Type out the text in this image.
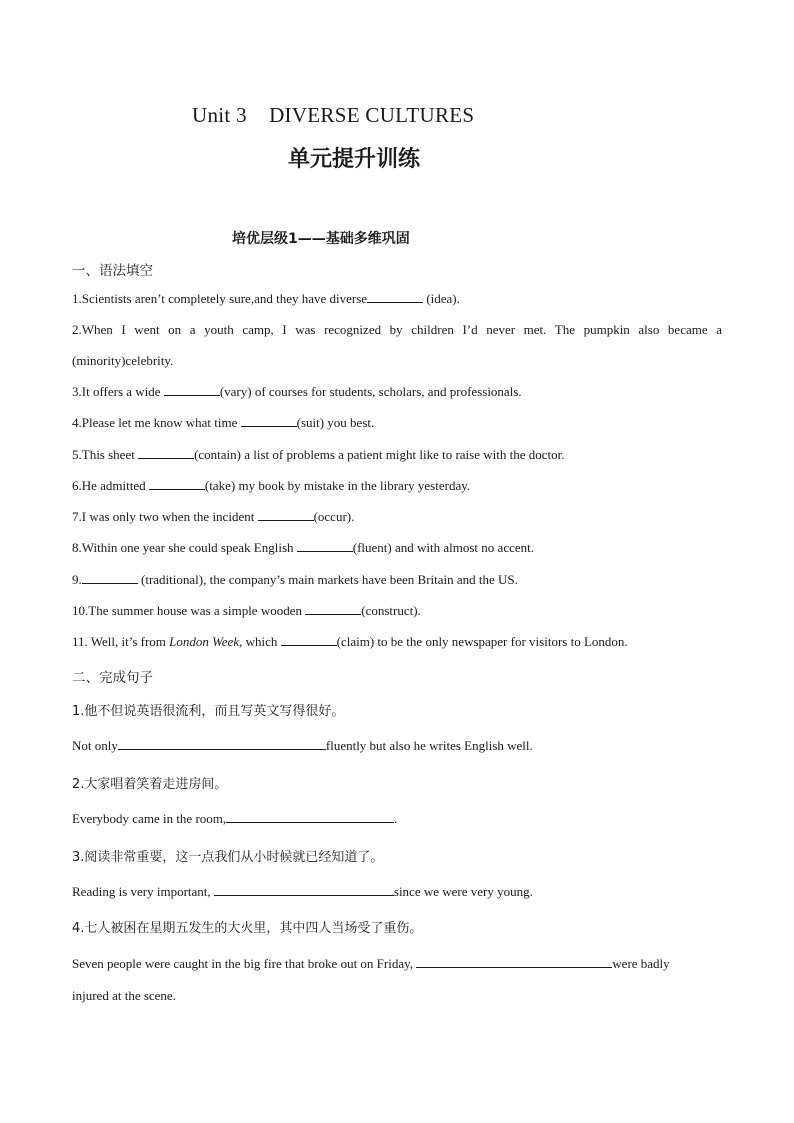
Unit 3    DIVERSE CULTURES
单元提升训练
培优层级1——基础多维巩固
一、语法填空
1.Scientists aren’t completely sure,and they have diverse	(idea).
2.When I went on a youth camp, I was recognized by children I’d never met. The pumpkin also became a
(minority)celebrity.
3.It offers a wide	(vary) of courses for students, scholars, and professionals.
4.Please let me know what time	(suit) you best.
5.This sheet	(contain) a list of problems a patient might like to raise with the doctor.
6.He admitted	(take) my book by mistake in the library yesterday.
7.I was only two when the incident	(occur).
8.Within one year she could speak English	(fluent) and with almost no accent.
9.	(traditional), the company’s main markets have been Britain and the US.
10.The summer house was a simple wooden	(construct).
11. Well, it’s from London Week, which	(claim) to be the only newspaper for visitors to London.
二、完成句子
1.他不但说英语很流利，而且写英文写得很好。
Not only	fluently but also he writes English well.
2.大家唱着笑着走进房间。
Everybody came in the room,	.
3.阅读非常重要，这一点我们从小时候就已经知道了。
Reading is very important,	since we were very young.
4.七人被困在星期五发生的大火里，其中四人当场受了重伤。
Seven people were caught in the big fire that broke out on Friday,	were badly
injured at the scene.
